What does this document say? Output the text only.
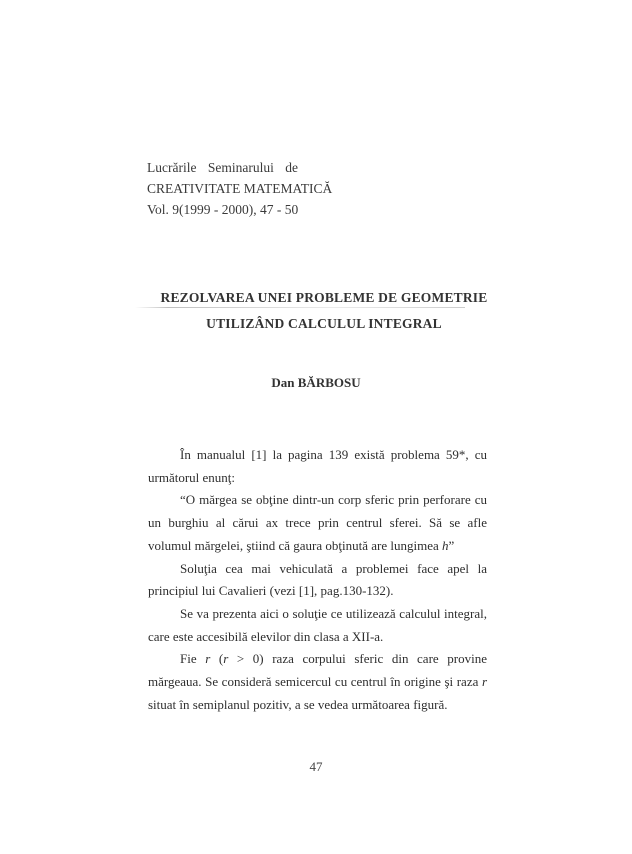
Lucrările Seminarului de
CREATIVITATE MATEMATICĂ
Vol. 9(1999 - 2000), 47 - 50
REZOLVAREA UNEI PROBLEME DE GEOMETRIE
UTILIZÂND CALCULUL INTEGRAL
Dan BĂRBOSU

În manualul [1] la pagina 139 există problema 59*, cu următorul enunţ:

“O mărgea se obţine dintr-un corp sferic prin perforare cu un burghiu al cărui ax trece prin centrul sferei. Să se afle volumul mărgelei, ştiind că gaura obţinută are lungimea h”

Soluţia cea mai vehiculată a problemei face apel la principiul lui Cavalieri (vezi [1], pag.130-132).

Se va prezenta aici o soluţie ce utilizează calculul integral, care este accesibilă elevilor din clasa a XII-a.

Fie r (r > 0) raza corpului sferic din care provine mărgeaua. Se consideră semicercul cu centrul în origine şi raza r situat în semiplanul pozitiv, a se vedea următoarea figură.

47
